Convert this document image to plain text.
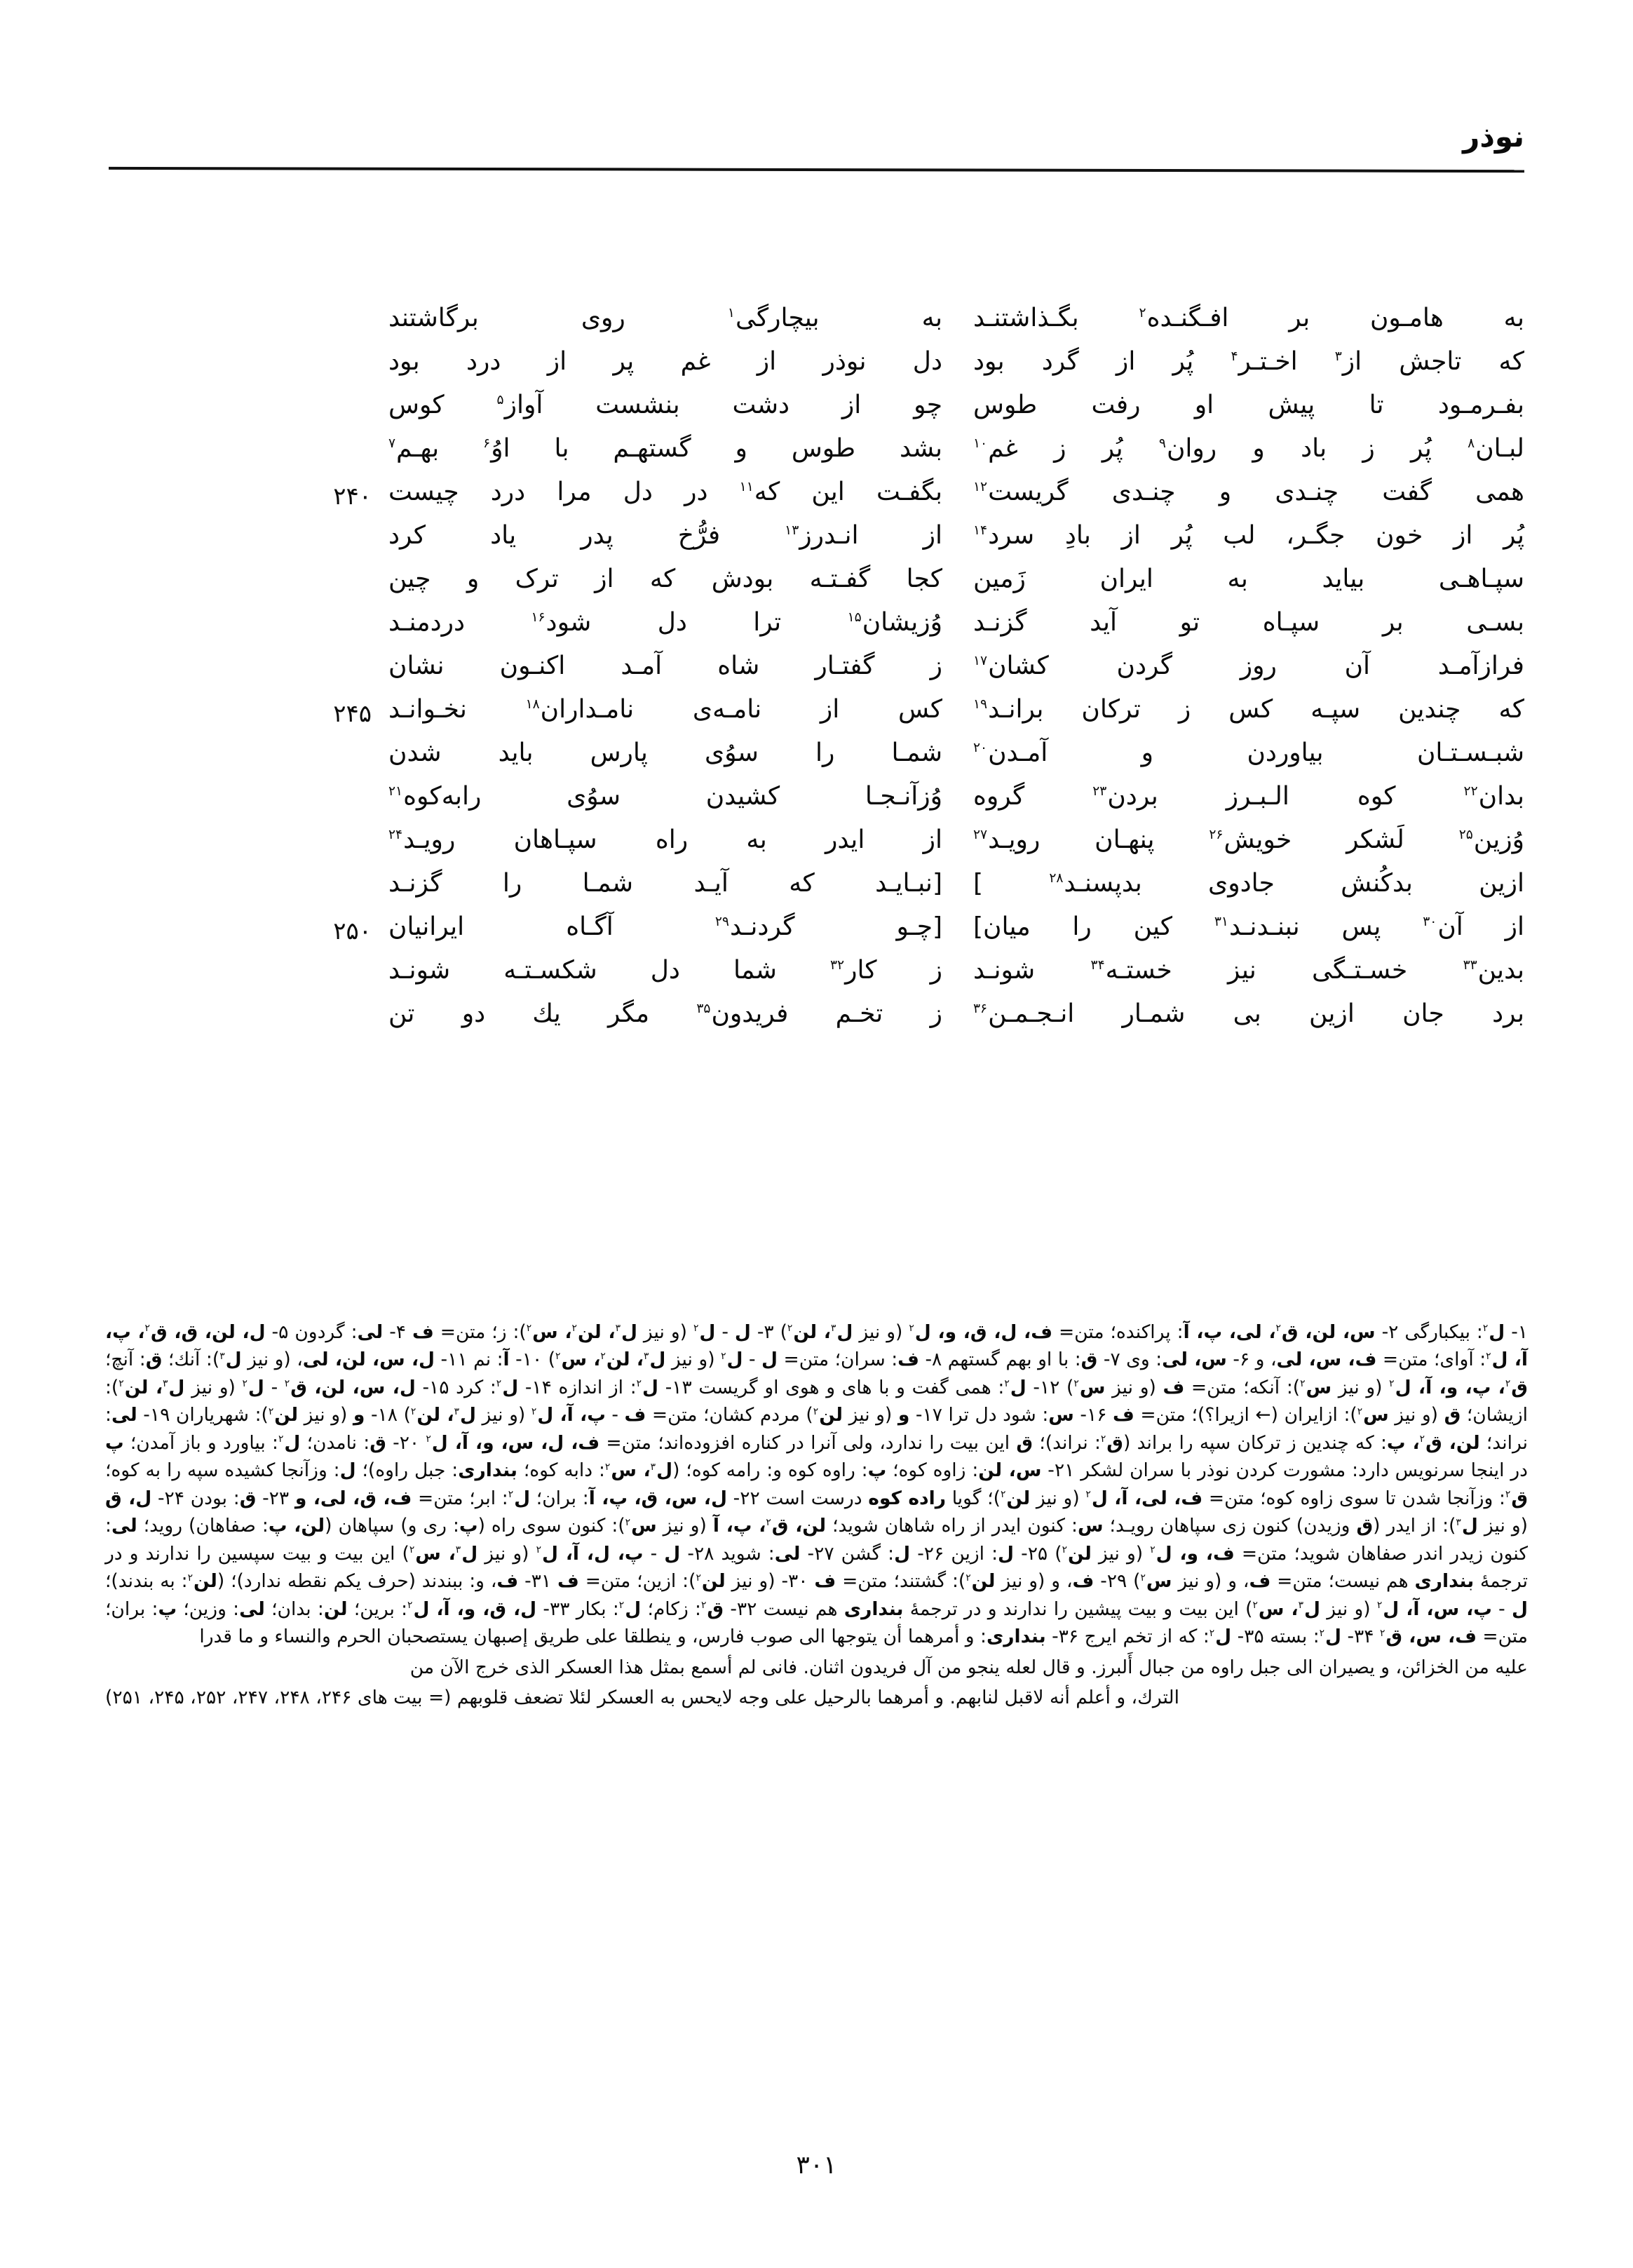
نوذر
به هامـون بر افـگنـده$^۲$ بگـذاشتنـد
به بیچارگی$^۱$ روی برگاشتند
که تاجش از$^۳$ اخـتـر$^۴$ پُر از گرد بود
دل نوذر از غم پر از درد بود
بفـرمـود تا پیش او رفت طوس
چو از دشت بنشست آواز$^۵$ کوس
لبـان$^۸$ پُر ز باد و روان$^۹$ پُر ز غم$^{۱۰}$
بشد طوس و گستهـم با اوُ$^۶$ بهـم$^۷$
همی گفت چنـدی و چنـدی گریست$^{۱۲}$
بگفـت این که$^{۱۱}$ در دل مرا درد چیست
۲۴۰
پُر از خون جگـر، لب پُر از بادِ سرد$^{۱۴}$
از انـدرز$^{۱۳}$ فرُّخ پدر یاد کرد
سپـاهـی بیاید به ایران زَمین
کجا گفـتـه بودش که از ترک و چین
بسـی بر سپـاه تو آید گزنـد
وُزیشان$^{۱۵}$ ترا دل شود$^{۱۶}$ دردمنـد
فرازآمـد آن روز گردن کشان$^{۱۷}$
ز گفتـار شاه آمـد اکنـون نشان
که چندین سپـه کس ز ترکان برانـد$^{۱۹}$
کس از نامـه‌ی نامـداران$^{۱۸}$ نخـوانـد
۲۴۵
شبـسـتـان بیاوردن و آمـدن$^{۲۰}$
شمـا را سوُی پارس باید شدن
بدان$^{۲۲}$ کوه الـبـرز بردن$^{۲۳}$ گروه
وُزآنـجـا کشیدن سوُی رابه‌کوه$^{۲۱}$
وُزین$^{۲۵}$ لَشکر خویش$^{۲۶}$ پنهـان رویـد$^{۲۷}$
از ایدر به راه سپـاهان رویـد$^{۲۴}$
ازین بدکُنش جادوی بدپسنـد$^{۲۸}$ ]
[نبـایـد که آیـد شمـا را گزنـد
از آن$^{۳۰}$ پس نبنـدنـد$^{۳۱}$ کین را میان]
[چـو گردنـد$^{۲۹}$ آگـاه ایرانیان
۲۵۰
بدین$^{۳۳}$ خسـتـگی نیز خستـه$^{۳۴}$ شونـد
ز کار$^{۳۲}$ شما دل شکسـتـه شونـد
برد جان ازین بی شمـار انـجـمـن$^{۳۶}$
ز تخـم فریدون$^{۳۵}$ مگر یك دو تن
۱- ل$^۲$: بیکبارگی ۲- س، لن، ق$^۲$، لی، پ، آ: پراکنده؛ متن= ف، ل، ق، و، ل$^۲$ (و نیز ل$^۳$، لن$^۲$) ۳- ل - ل$^۲$ (و نیز ل$^۳$، لن$^۲$، س$^۲$): ز؛ متن= ف ۴- لی: گردون ۵- ل، لن، ق، ق$^۲$، پ، آ، ل$^۲$: آوای؛ متن= ف، س، لی، و ۶- س، لی: وی ۷- ق: با او بهم گستهم ۸- ف: سران؛ متن= ل - ل$^۲$ (و نیز ل$^۳$، لن$^۲$، س$^۲$) ۱۰- آ: نم ۱۱- ل، س، لن، لی، (و نیز ل$^۳$): آنك؛ ق: آنچ؛ ق$^۲$، پ، و، آ، ل$^۲$ (و نیز س$^۲$): آنکه؛ متن= ف (و نیز س$^۲$) ۱۲- ل$^۲$: همی گفت و با های و هوی او گریست ۱۳- ل$^۲$: از اندازه ۱۴- ل$^۲$: کرد ۱۵- ل، س، لن، ق$^۲$ - ل$^۲$ (و نیز ل$^۳$، لن$^۲$): ازیشان؛ ق (و نیز س$^۲$): ازایران (← ازیرا؟)؛ متن= ف ۱۶- س: شود دل ترا ۱۷- و (و نیز لن$^۲$) مردم کشان؛ متن= ف - پ، آ، ل$^۲$ (و نیز ل$^۳$، لن$^۲$) ۱۸- و (و نیز لن$^۲$): شهریاران ۱۹- لی: نراند؛ لن، ق$^۲$، پ: که چندین ز ترکان سپه را براند (ق$^۲$: نراند)؛ ق این بیت را ندارد، ولی آنرا در کناره افزوده‌اند؛ متن= ف، ل، س، و، آ، ل$^۲$ ۲۰- ق: نامدن؛ ل$^۲$: بیاورد و باز آمدن؛ پ در اینجا سرنویس دارد: مشورت کردن نوذر با سران لشکر ۲۱- س، لن: زاوه کوه؛ پ: راوه کوه و: رامه کوه؛ (ل$^۳$، س$^۲$: دابه کوه؛ بنداری: جبل راوه)؛ ل: وزآنجا کشیده سپه را به کوه؛ ق$^۲$: وزآنجا شدن تا سوی زاوه کوه؛ متن= ف، لی، آ، ل$^۲$ (و نیز لن$^۲$)؛ گویا راده کوه درست است ۲۲- ل، س، ق، پ، آ: بران؛ ل$^۲$: ابر؛ متن= ف، ق، لی، و ۲۳- ق: بودن ۲۴- ل، ق (و نیز ل$^۳$): از ایدر (ق وزیدن) کنون زی سپاهان رویـد؛ س: کنون ایدر از راه شاهان شوید؛ لن، ق$^۲$، پ، آ (و نیز س$^۲$): کنون سوی راه (پ: ری و) سپاهان (لن، پ: صفاهان) روید؛ لی: کنون زیدر اندر صفاهان شوید؛ متن= ف، و، ل$^۲$ (و نیز لن$^۲$) ۲۵- ل: ازین ۲۶- ل: گشن ۲۷- لی: شوید ۲۸- ل - پ، ل، آ، ل$^۲$ (و نیز ل$^۳$، س$^۲$) این بیت و بیت سپسین را ندارند و در ترجمهٔ بنداری هم نیست؛ متن= ف، و (و نیز س$^۲$) ۲۹- ف، و (و نیز لن$^۲$): گشتند؛ متن= ف ۳۰- (و نیز لن$^۲$): ازین؛ متن= ف ۳۱- ف، و: ببندند (حرف یکم نقطه ندارد)؛ (لن$^۲$: به بندند)؛ ل - پ، س، آ، ل$^۲$ (و نیز ل$^۳$، س$^۲$) این بیت و بیت پیشین را ندارند و در ترجمهٔ بنداری هم نیست ۳۲- ق$^۲$: زکام؛ ل$^۲$: بکار ۳۳- ل، ق، و، آ، ل$^۲$: برین؛ لن: بدان؛ لی: وزین؛ پ: بران؛ متن= ف، س، ق$^۲$ ۳۴- ل$^۲$: بسته ۳۵- ل$^۲$: که از تخم ایرج ۳۶- بنداری: و أمرهما أن یتوجها الی صوب فارس، و ینطلقا علی طریق إصبهان یستصحبان الحرم والنساء و ما قدرا
علیه من الخزائن، و یصیران الی جبل راوه من جبال أَلبرز. و قال لعله ینجو من آل فریدون اثنان. فانی لم أسمع بمثل هذا العسكر الذی خرج الآن من
الترك، و أعلم أنه لاقبل لنابهم. و أمرهما بالرحیل علی وجه لایحس به العسكر لئلا تضعف قلوبهم (= بیت های ۲۴۶، ۲۴۸، ۲۴۷، ۲۵۲، ۲۴۵، ۲۵۱)
۳۰۱
